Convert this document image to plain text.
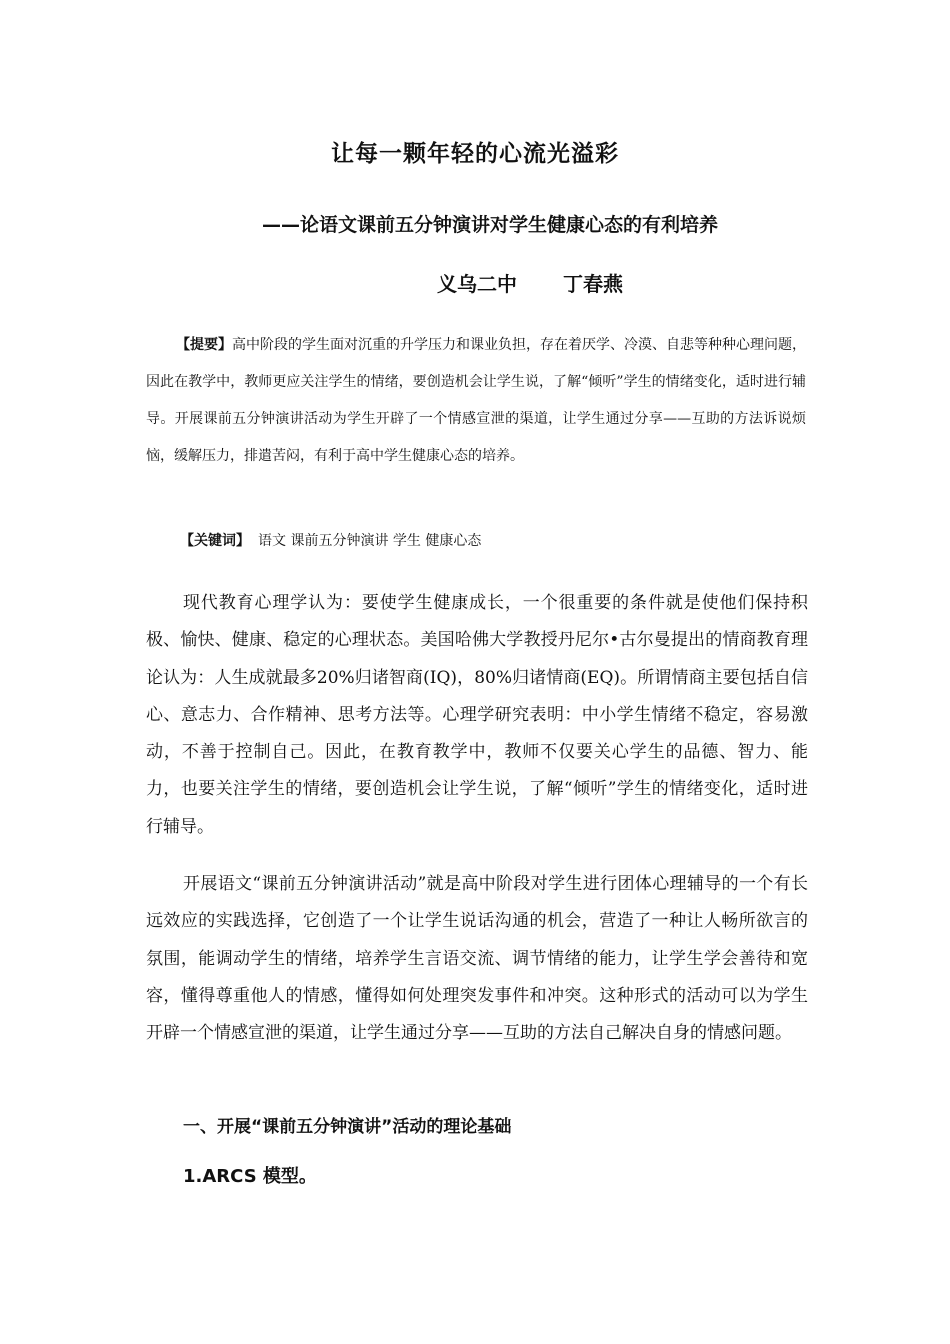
让每一颗年轻的心流光溢彩
——论语文课前五分钟演讲对学生健康心态的有利培养
义乌二中 丁春燕

【提要】高中阶段的学生面对沉重的升学压力和课业负担，存在着厌学、冷漠、自悲等种种心理问题，因此在教学中，教师更应关注学生的情绪，要创造机会让学生说，了解“倾听”学生的情绪变化，适时进行辅导。开展课前五分钟演讲活动为学生开辟了一个情感宣泄的渠道，让学生通过分享——互助的方法诉说烦恼，缓解压力，排遣苦闷，有利于高中学生健康心态的培养。

【关键词】 语文 课前五分钟演讲 学生 健康心态

现代教育心理学认为：要使学生健康成长，一个很重要的条件就是使他们保持积极、愉快、健康、稳定的心理状态。美国哈佛大学教授丹尼尔•古尔曼提出的情商教育理论认为：人生成就最多20%归诸智商(IQ)，80%归诸情商(EQ)。所谓情商主要包括自信心、意志力、合作精神、思考方法等。心理学研究表明：中小学生情绪不稳定，容易激动，不善于控制自己。因此，在教育教学中，教师不仅要关心学生的品德、智力、能力，也要关注学生的情绪，要创造机会让学生说，了解“倾听”学生的情绪变化，适时进行辅导。

开展语文“课前五分钟演讲活动”就是高中阶段对学生进行团体心理辅导的一个有长远效应的实践选择，它创造了一个让学生说话沟通的机会，营造了一种让人畅所欲言的氛围，能调动学生的情绪，培养学生言语交流、调节情绪的能力，让学生学会善待和宽容，懂得尊重他人的情感，懂得如何处理突发事件和冲突。这种形式的活动可以为学生开辟一个情感宣泄的渠道，让学生通过分享——互助的方法自己解决自身的情感问题。

一、开展“课前五分钟演讲”活动的理论基础
1.ARCS 模型。
